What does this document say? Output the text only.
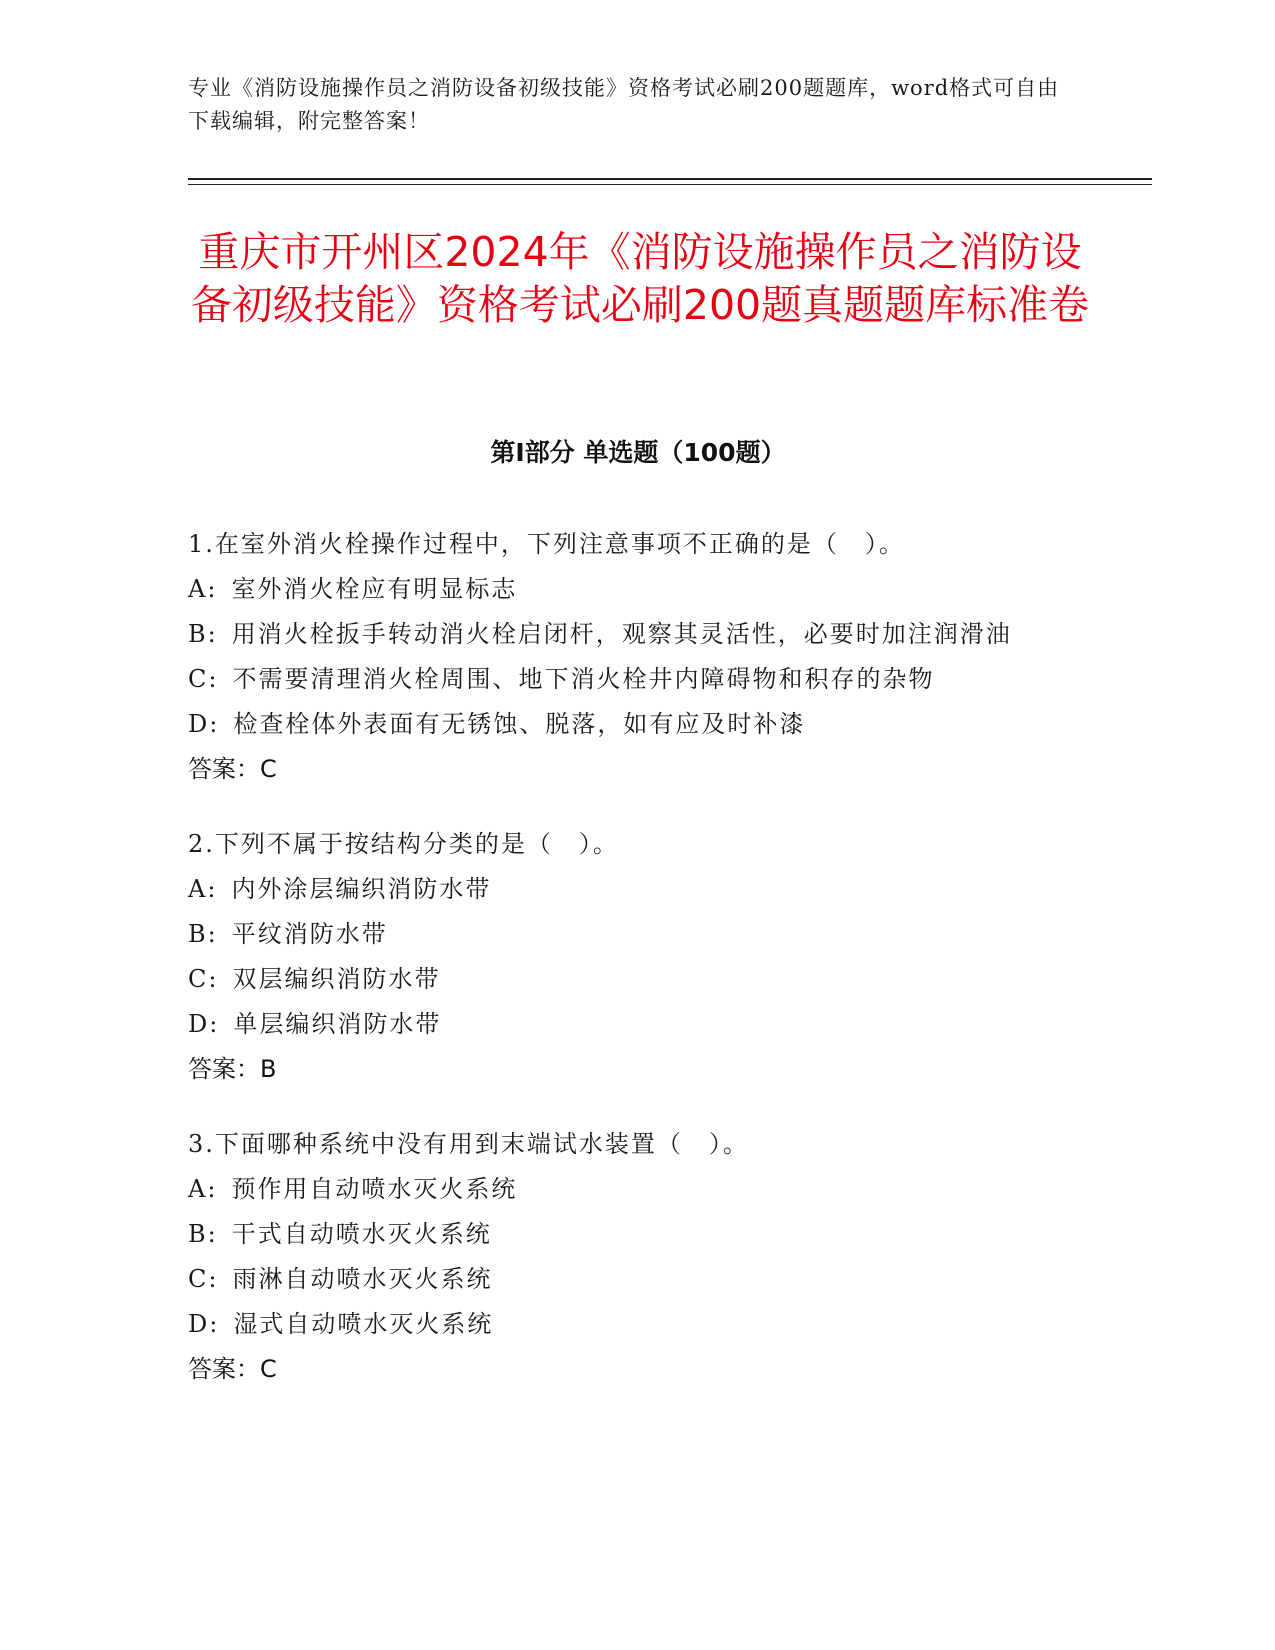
专业《消防设施操作员之消防设备初级技能》资格考试必刷200题题库，word格式可自由下载编辑，附完整答案！
重庆市开州区2024年《消防设施操作员之消防设备初级技能》资格考试必刷200题真题题库标准卷
第Ⅰ部分 单选题（100题）
1.在室外消火栓操作过程中，下列注意事项不正确的是（　）。
A : 室外消火栓应有明显标志
B : 用消火栓扳手转动消火栓启闭杆，观察其灵活性，必要时加注润滑油
C : 不需要清理消火栓周围、地下消火栓井内障碍物和积存的杂物
D : 检查栓体外表面有无锈蚀、脱落，如有应及时补漆
答案：C
2.下列不属于按结构分类的是（　）。
A : 内外涂层编织消防水带
B : 平纹消防水带
C : 双层编织消防水带
D : 单层编织消防水带
答案：B
3.下面哪种系统中没有用到末端试水装置（　）。
A : 预作用自动喷水灭火系统
B : 干式自动喷水灭火系统
C : 雨淋自动喷水灭火系统
D : 湿式自动喷水灭火系统
答案：C
